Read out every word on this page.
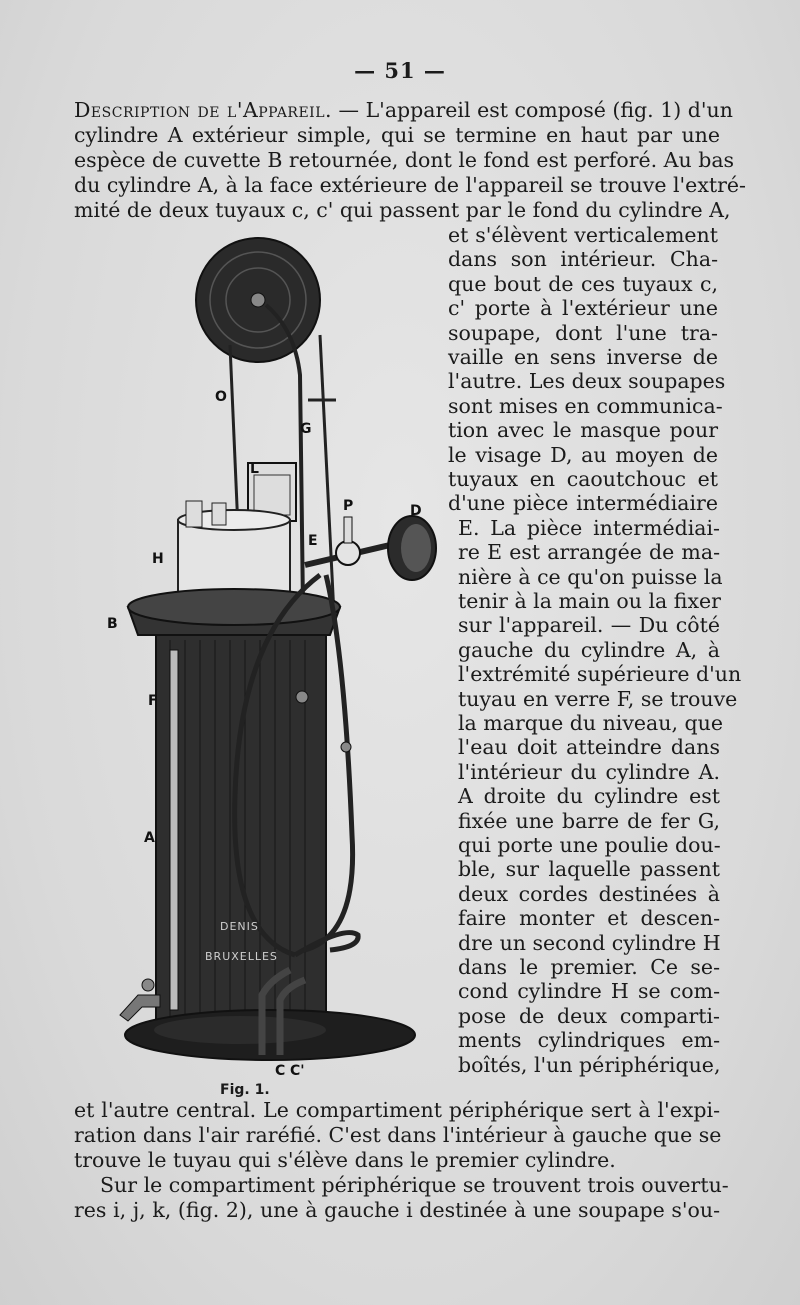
— 51 —
Description de l'Appareil. — L'appareil est composé (fig. 1) d'un
cylindre A extérieur simple, qui se termine en haut par une
espèce de cuvette B retournée, dont le fond est perforé. Au bas
du cylindre A, à la face extérieure de l'appareil se trouve l'extré-
mité de deux tuyaux c, c' qui passent par le fond du cylindre A,
et s'élèvent verticalement
dans son intérieur. Cha-
que bout de ces tuyaux c,
c' porte à l'extérieur une
soupape, dont l'une tra-
vaille en sens inverse de
l'autre. Les deux soupapes
sont mises en communica-
tion avec le masque pour
le visage D, au moyen de
tuyaux en caoutchouc et
d'une pièce intermédiaire
E. La pièce intermédiai-
re E est arrangée de ma-
nière à ce qu'on puisse la
tenir à la main ou la fixer
sur l'appareil. — Du côté
gauche du cylindre A, à
l'extrémité supérieure d'un
tuyau en verre F, se trouve
la marque du niveau, que
l'eau doit atteindre dans
l'intérieur du cylindre A.
A droite du cylindre est
fixée une barre de fer G,
qui porte une poulie dou-
ble, sur laquelle passent
deux cordes destinées à
faire monter et descen-
dre un second cylindre H
dans le premier. Ce se-
cond cylindre H se com-
pose de deux comparti-
ments cylindriques em-
boîtés, l'un périphérique,
et l'autre central. Le compartiment périphérique sert à l'expi-
ration dans l'air raréfié. C'est dans l'intérieur à gauche que se
trouve le tuyau qui s'élève dans le premier cylindre.
Sur le compartiment périphérique se trouvent trois ouvertu-
res i, j, k, (fig. 2), une à gauche i destinée à une soupape s'ou-
DENIS
BRUXELLES
O
G
L
P	D
E
H
B
F
A
C C'
Fig. 1.
